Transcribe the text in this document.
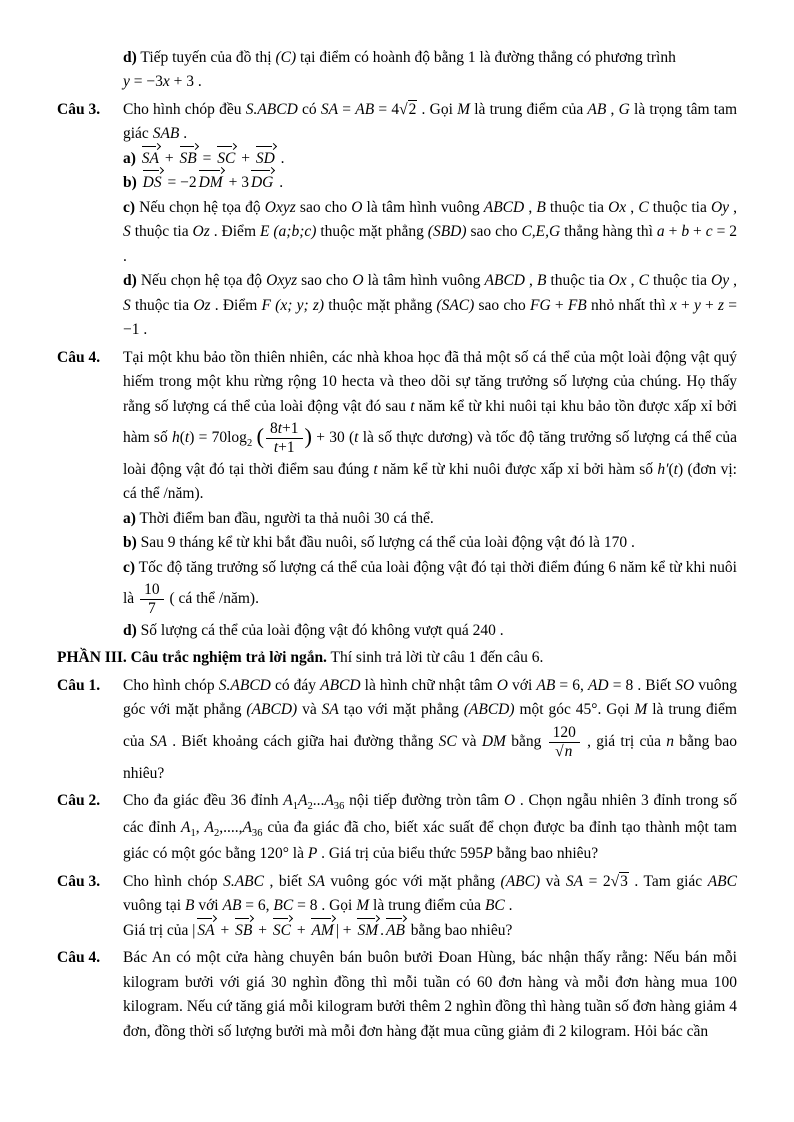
d) Tiếp tuyến của đồ thị (C) tại điểm có hoành độ bằng 1 là đường thẳng có phương trình

y = −3x + 3 .

Câu 3.	Cho hình chóp đều S.ABCD có SA = AB = 4√2 . Gọi M là trung điểm của AB , G là trọng tâm tam giác SAB .

a) SA + SB = SC + SD .

b) DS = −2 DM + 3 DG .

c) Nếu chọn hệ tọa độ Oxyz sao cho O là tâm hình vuông ABCD , B thuộc tia Ox , C thuộc tia Oy , S thuộc tia Oz . Điểm E (a;b;c) thuộc mặt phẳng (SBD) sao cho C,E,G thẳng hàng thì a + b + c = 2 .

d) Nếu chọn hệ tọa độ Oxyz sao cho O là tâm hình vuông ABCD , B thuộc tia Ox , C thuộc tia Oy , S thuộc tia Oz . Điểm F (x; y; z) thuộc mặt phẳng (SAC) sao cho FG + FB nhỏ nhất thì x + y + z = −1 .

Câu 4.	Tại một khu bảo tồn thiên nhiên, các nhà khoa học đã thả một số cá thể của một loài động vật quý hiếm trong một khu rừng rộng 10 hecta và theo dõi sự tăng trưởng số lượng của chúng. Họ thấy rằng số lượng cá thể của loài động vật đó sau t năm kể từ khi nuôi tại khu bảo tồn được xấp xỉ bởi hàm số $h(t) = 70\log_2$ ( $\frac{8t+1}{t+1}$ ) + 30 (t là số thực dương) và tốc độ tăng trưởng số lượng cá thể của loài động vật đó tại thời điểm sau đúng t năm kể từ khi nuôi được xấp xỉ bởi hàm số h′(t) (đơn vị: cá thể /năm).

a) Thời điểm ban đầu, người ta thả nuôi 30 cá thể.

b) Sau 9 tháng kể từ khi bắt đầu nuôi, số lượng cá thể của loài động vật đó là 170 .

c) Tốc độ tăng trưởng số lượng cá thể của loài động vật đó tại thời điểm đúng 6 năm kể từ khi nuôi là $\frac{10}{7}$ ( cá thể /năm).

d) Số lượng cá thể của loài động vật đó không vượt quá 240 .

PHẦN III. Câu trắc nghiệm trả lời ngắn. Thí sinh trả lời từ câu 1 đến câu 6.

Câu 1.	Cho hình chóp S.ABCD có đáy ABCD là hình chữ nhật tâm O với AB = 6, AD = 8 . Biết SO vuông góc với mặt phẳng (ABCD) và SA tạo với mặt phẳng (ABCD) một góc 45°. Gọi M là trung điểm của SA . Biết khoảng cách giữa hai đường thẳng SC và DM bằng $\frac{120}{√n}$ , giá trị của n bằng bao nhiêu?

Câu 2.	Cho đa giác đều 36 đỉnh $A_1A_2...A_{36}$ nội tiếp đường tròn tâm O . Chọn ngẫu nhiên 3 đỉnh trong số các đỉnh $A_1$, $A_2,....,A_{36}$ của đa giác đã cho, biết xác suất để chọn được ba đỉnh tạo thành một tam giác có một góc bằng 120° là P . Giá trị của biểu thức 595P bằng bao nhiêu?

Câu 3.	Cho hình chóp S.ABC , biết SA vuông góc với mặt phẳng (ABC) và SA = 2√3 . Tam giác ABC vuông tại B với AB = 6, BC = 8 . Gọi M là trung điểm của BC .

Giá trị của | SA + SB + SC + AM | + SM . AB bằng bao nhiêu?

Câu 4.	Bác An có một cửa hàng chuyên bán buôn bưởi Đoan Hùng, bác nhận thấy rằng: Nếu bán mỗi kilogram bưởi với giá 30 nghìn đồng thì mỗi tuần có 60 đơn hàng và mỗi đơn hàng mua 100 kilogram. Nếu cứ tăng giá mỗi kilogram bưởi thêm 2 nghìn đồng thì hàng tuần số đơn hàng giảm 4 đơn, đồng thời số lượng bưởi mà mỗi đơn hàng đặt mua cũng giảm đi 2 kilogram. Hỏi bác cần
